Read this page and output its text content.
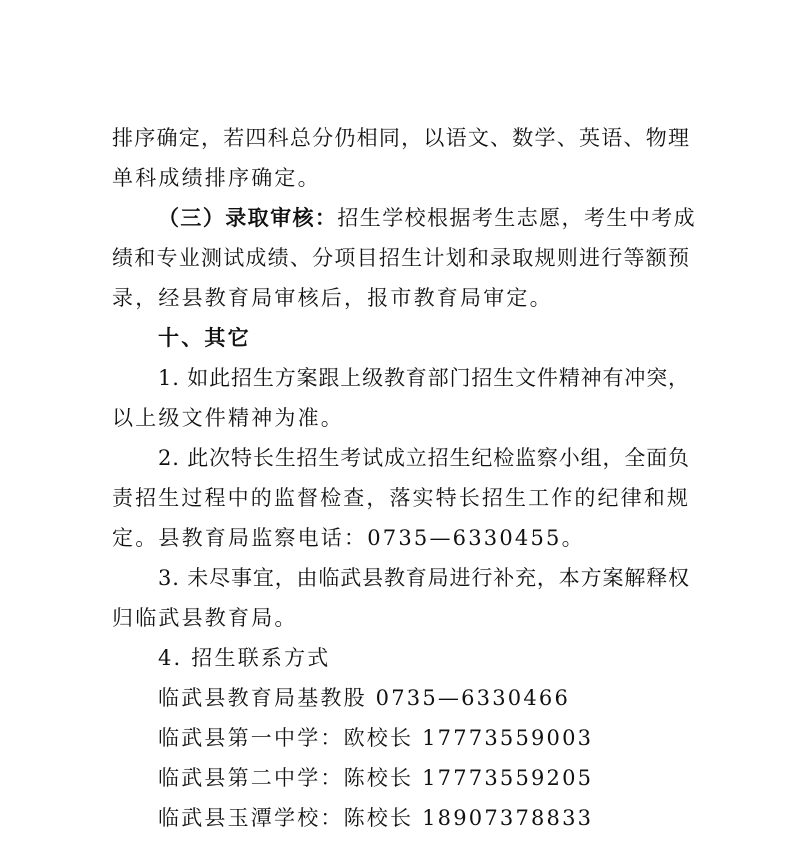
排序确定，若四科总分仍相同，以语文、数学、英语、物理
单科成绩排序确定。
（三）录取审核：招生学校根据考生志愿，考生中考成
绩和专业测试成绩、分项目招生计划和录取规则进行等额预
录，经县教育局审核后，报市教育局审定。
十、其它
1. 如此招生方案跟上级教育部门招生文件精神有冲突，
以上级文件精神为准。
2. 此次特长生招生考试成立招生纪检监察小组，全面负
责招生过程中的监督检查，落实特长招生工作的纪律和规
定。县教育局监察电话：0735—6330455。
3. 未尽事宜，由临武县教育局进行补充，本方案解释权
归临武县教育局。
4. 招生联系方式
临武县教育局基教股 0735—6330466
临武县第一中学：欧校长 17773559003
临武县第二中学：陈校长 17773559205
临武县玉潭学校：陈校长 18907378833
